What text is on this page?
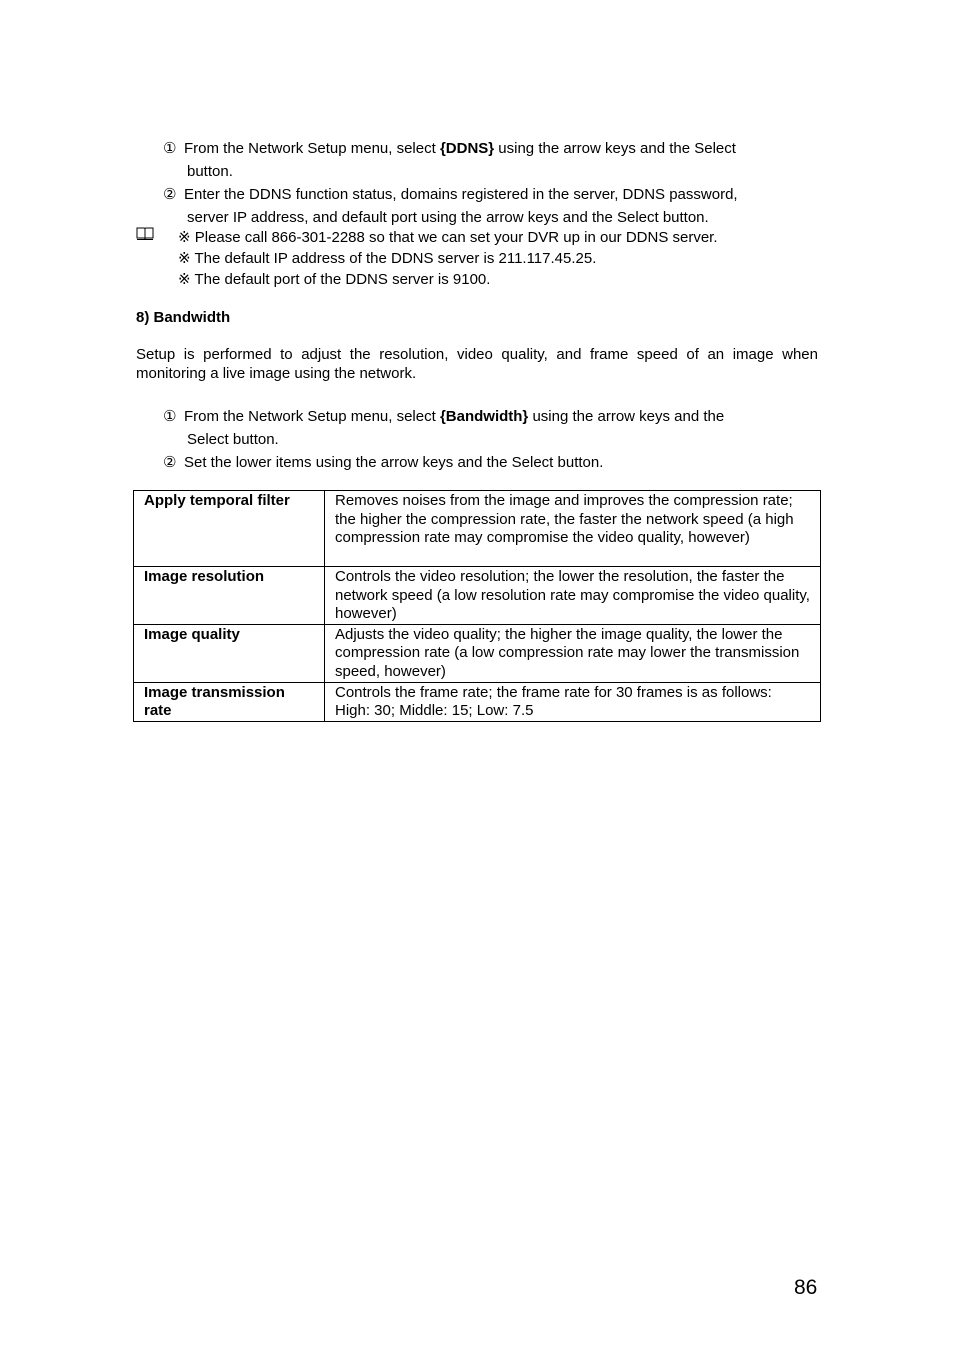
① From the Network Setup menu, select {DDNS} using the arrow keys and the Select
button.
② Enter the DDNS function status, domains registered in the server, DDNS password,
server IP address, and default port using the arrow keys and the Select button.
※ Please call 866-301-2288 so that we can set your DVR up in our DDNS server.
※ The default IP address of the DDNS server is 211.117.45.25.
※ The default port of the DDNS server is 9100.
8) Bandwidth
Setup is performed to adjust the resolution, video quality, and frame speed of an image when monitoring a live image using the network.
① From the Network Setup menu, select {Bandwidth} using the arrow keys and the
Select button.
② Set the lower items using the arrow keys and the Select button.
Apply temporal filter	Removes noises from the image and improves the compression rate; the higher the compression rate, the faster the network speed (a high compression rate may compromise the video quality, however)
Image resolution	Controls the video resolution; the lower the resolution, the faster the network speed (a low resolution rate may compromise the video quality, however)
Image quality	Adjusts the video quality; the higher the image quality, the lower the compression rate (a low compression rate may lower the transmission speed, however)
Image transmission rate	Controls the frame rate; the frame rate for 30 frames is as follows: High: 30; Middle: 15; Low: 7.5
86
